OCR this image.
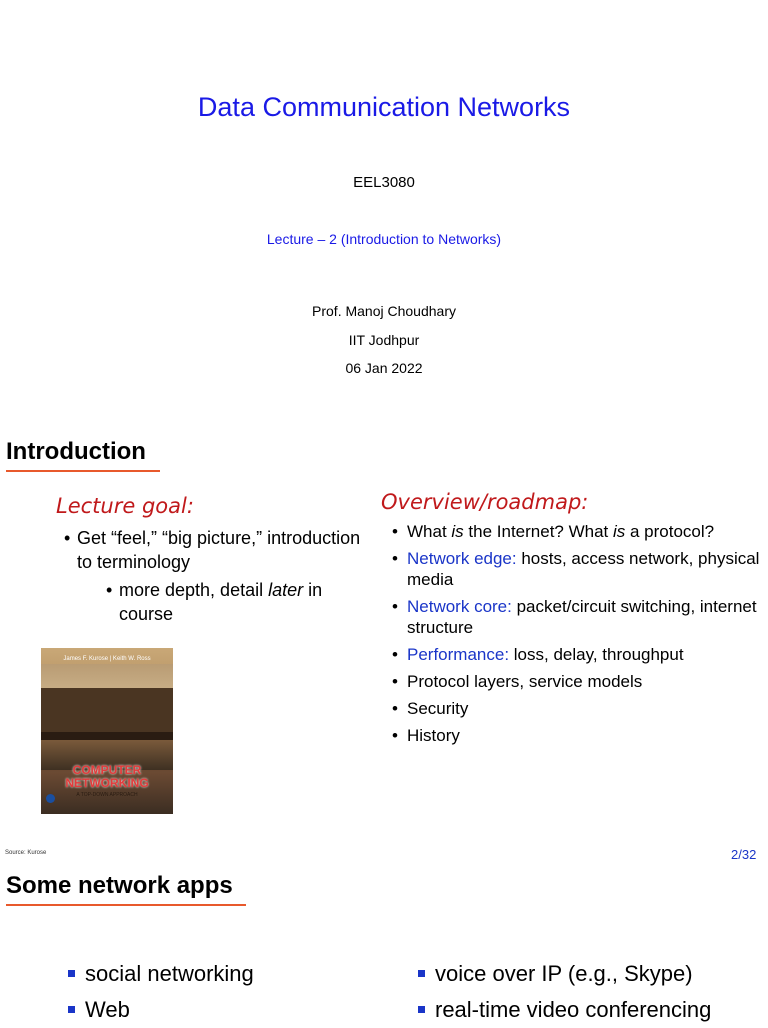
Data Communication Networks
EEL3080
Lecture – 2 (Introduction to Networks)
Prof. Manoj Choudhary
IIT Jodhpur
06 Jan 2022
Introduction
Lecture goal:
• Get “feel,” “big picture,” introduction to terminology
• more depth, detail later in course
James F. Kurose | Keith W. Ross
COMPUTER
NETWORKING
A TOP-DOWN APPROACH
Overview/roadmap:
• What is the Internet? What is a protocol?
• Network edge: hosts, access network, physical media
• Network core: packet/circuit switching, internet structure
• Performance: loss, delay, throughput
• Protocol layers, service models
• Security
• History
Source: Kurose	2/32
Some network apps
social networking
Web
voice over IP (e.g., Skype)
real-time video conferencing
